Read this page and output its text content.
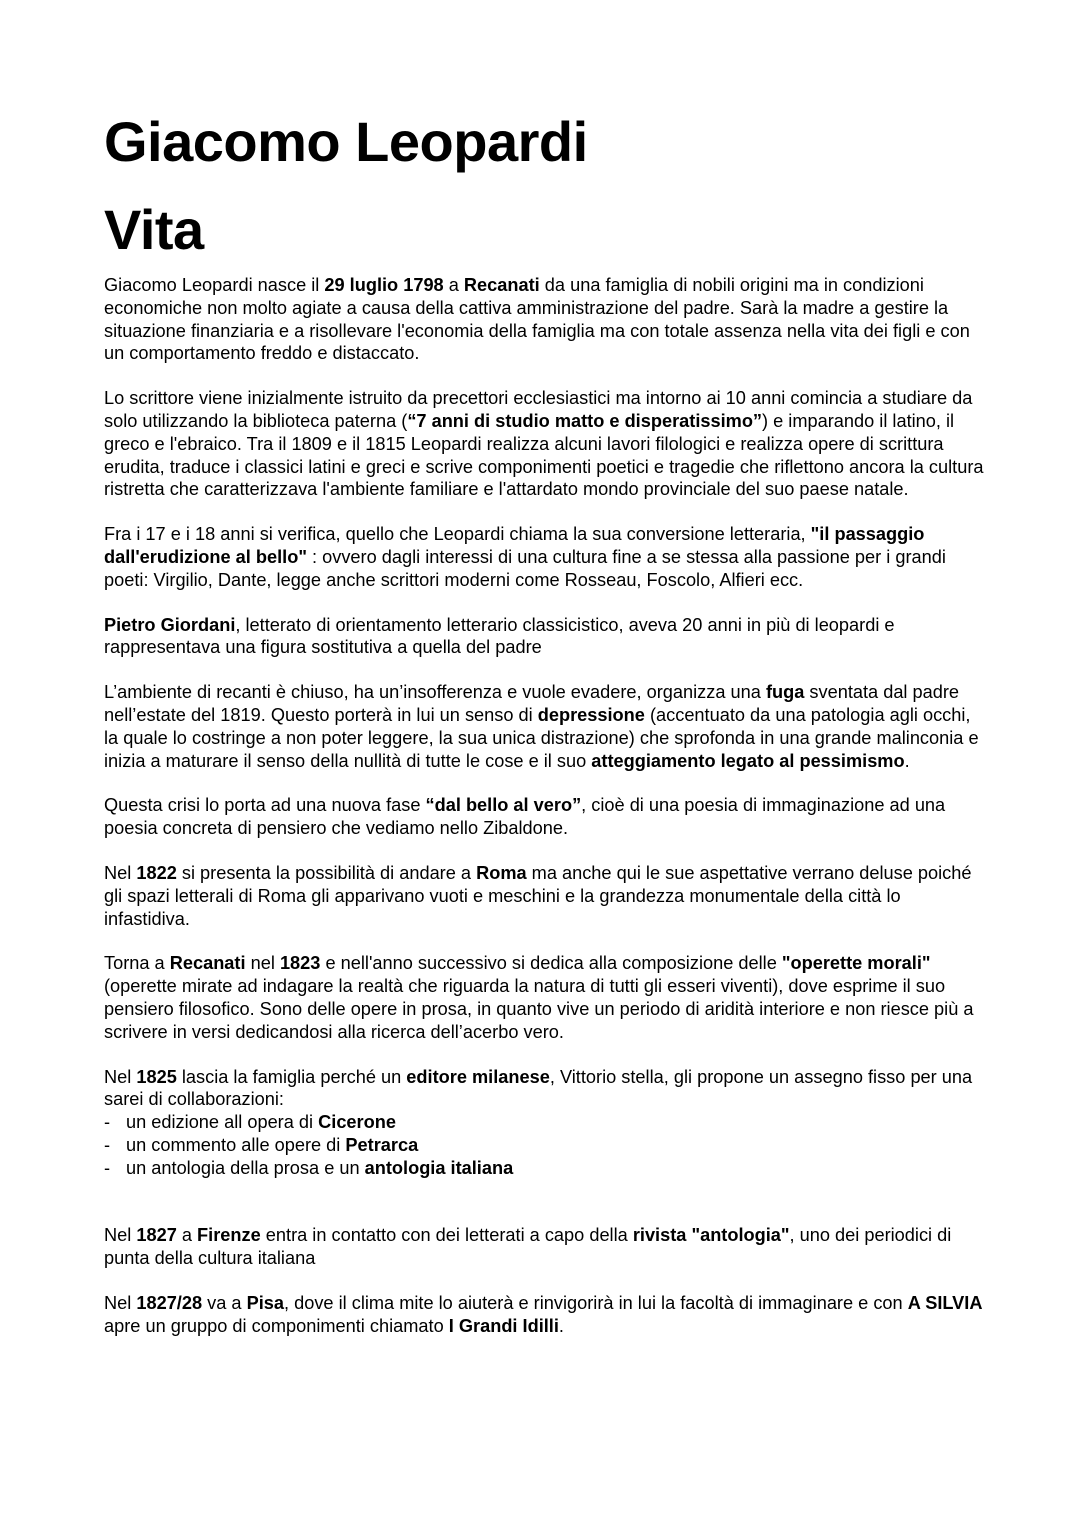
Giacomo Leopardi
Vita

Giacomo Leopardi nasce il 29 luglio 1798 a Recanati da una famiglia di nobili origini ma in condizioni economiche non molto agiate a causa della cattiva amministrazione del padre. Sarà la madre a gestire la situazione finanziaria e a risollevare l'economia della famiglia ma con totale assenza nella vita dei figli e con un comportamento freddo e distaccato.

Lo scrittore viene inizialmente istruito da precettori ecclesiastici ma intorno ai 10 anni comincia a studiare da solo utilizzando la biblioteca paterna (“7 anni di studio matto e disperatissimo”) e imparando il latino, il greco e l'ebraico. Tra il 1809 e il 1815 Leopardi realizza alcuni lavori filologici e realizza opere di scrittura erudita, traduce i classici latini e greci e scrive componimenti poetici e tragedie che riflettono ancora la cultura ristretta che caratterizzava l'ambiente familiare e l'attardato mondo provinciale del suo paese natale.

Fra i 17 e i 18 anni si verifica, quello che Leopardi chiama la sua conversione letteraria, "il passaggio dall'erudizione al bello" : ovvero dagli interessi di una cultura fine a se stessa alla passione per i grandi poeti: Virgilio, Dante, legge anche scrittori moderni come Rosseau, Foscolo, Alfieri ecc.

Pietro Giordani, letterato di orientamento letterario classicistico, aveva 20 anni in più di leopardi e rappresentava una figura sostitutiva a quella del padre

L’ambiente di recanti è chiuso, ha un’insofferenza e vuole evadere, organizza una fuga sventata dal padre nell’estate del 1819. Questo porterà in lui un senso di depressione (accentuato da una patologia agli occhi, la quale lo costringe a non poter leggere, la sua unica distrazione) che sprofonda in una grande malinconia e inizia a maturare il senso della nullità di tutte le cose e il suo atteggiamento legato al pessimismo.

Questa crisi lo porta ad una nuova fase “dal bello al vero”, cioè di una poesia di immaginazione ad una poesia concreta di pensiero che vediamo nello Zibaldone.

Nel 1822 si presenta la possibilità di andare a Roma ma anche qui le sue aspettative verrano deluse poiché gli spazi letterali di Roma gli apparivano vuoti e meschini e la grandezza monumentale della città lo infastidiva.

Torna a Recanati nel 1823 e nell'anno successivo si dedica alla composizione delle "operette morali" (operette mirate ad indagare la realtà che riguarda la natura di tutti gli esseri viventi), dove esprime il suo pensiero filosofico. Sono delle opere in prosa, in quanto vive un periodo di aridità interiore e non riesce più a scrivere in versi dedicandosi alla ricerca dell’acerbo vero.

Nel 1825 lascia la famiglia perché un editore milanese, Vittorio stella, gli propone un assegno fisso per una sarei di collaborazioni:

- un edizione all opera di Cicerone
- un commento alle opere di Petrarca
- un antologia della prosa e un antologia italiana

Nel 1827 a Firenze entra in contatto con dei letterati a capo della rivista "antologia", uno dei periodici di punta della cultura italiana

Nel 1827/28 va a Pisa, dove il clima mite lo aiuterà e rinvigorirà in lui la facoltà di immaginare e con A SILVIA apre un gruppo di componimenti chiamato I Grandi Idilli.
